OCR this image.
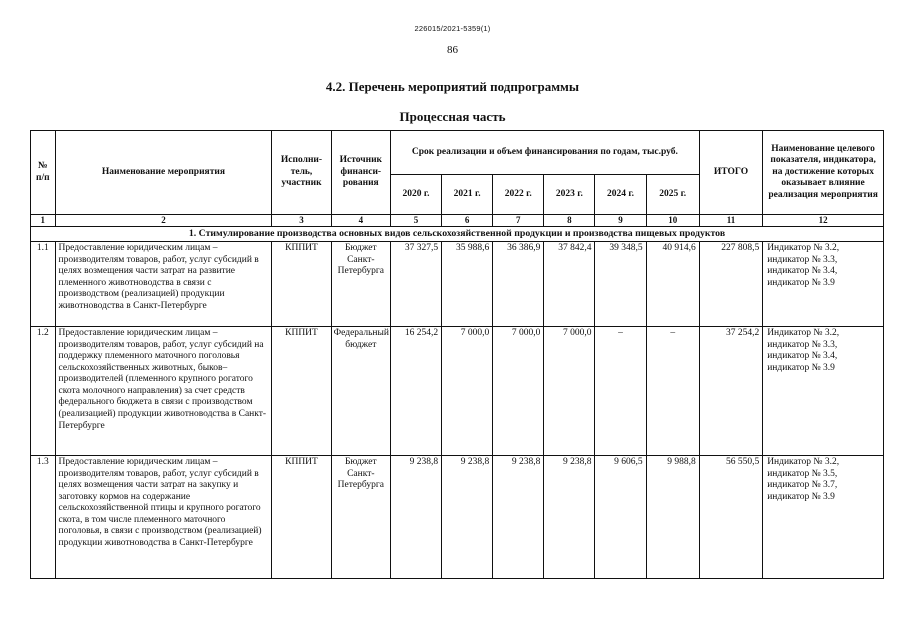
226015/2021-5359(1)
86
4.2. Перечень мероприятий подпрограммы
Процессная часть
№ п/п	Наименование мероприятия	Исполни-тель, участник	Источник финанси-рования	Срок реализации и объем финансирования по годам, тыс.руб.						ИТОГО	Наименование целевого показателя, индикатора, на достижение которых оказывает влияние реализация мероприятия
				2020 г.	2021 г.	2022 г.	2023 г.	2024 г.	2025 г.		
1	2	3	4	5	6	7	8	9	10	11	12
1. Стимулирование производства основных видов сельскохозяйственной продукции и производства пищевых продуктов											
1.1	Предоставление юридическим лицам – производителям товаров, работ, услуг субсидий в целях возмещения части затрат на развитие племенного животноводства в связи с производством (реализацией) продукции животноводства в Санкт-Петербурге	КППИТ	Бюджет Санкт-Петербурга	37 327,5	35 988,6	36 386,9	37 842,4	39 348,5	40 914,6	227 808,5	Индикатор № 3.2, индикатор № 3.3, индикатор № 3.4, индикатор № 3.9
1.2	Предоставление юридическим лицам – производителям товаров, работ, услуг субсидий на поддержку племенного маточного поголовья сельскохозяйственных животных, быков–производителей (племенного крупного рогатого скота молочного направления) за счет средств федерального бюджета в связи с производством (реализацией) продукции животноводства в Санкт-Петербурге	КППИТ	Федеральный бюджет	16 254,2	7 000,0	7 000,0	7 000,0	–	–	37 254,2	Индикатор № 3.2, индикатор № 3.3, индикатор № 3.4, индикатор № 3.9
1.3	Предоставление юридическим лицам – производителям товаров, работ, услуг субсидий в целях возмещения части затрат на закупку и заготовку кормов на содержание сельскохозяйственной птицы и крупного рогатого скота, в том числе племенного маточного поголовья, в связи с производством (реализацией) продукции животноводства в Санкт-Петербурге	КППИТ	Бюджет Санкт-Петербурга	9 238,8	9 238,8	9 238,8	9 238,8	9 606,5	9 988,8	56 550,5	Индикатор № 3.2, индикатор № 3.5, индикатор № 3.7, индикатор № 3.9
